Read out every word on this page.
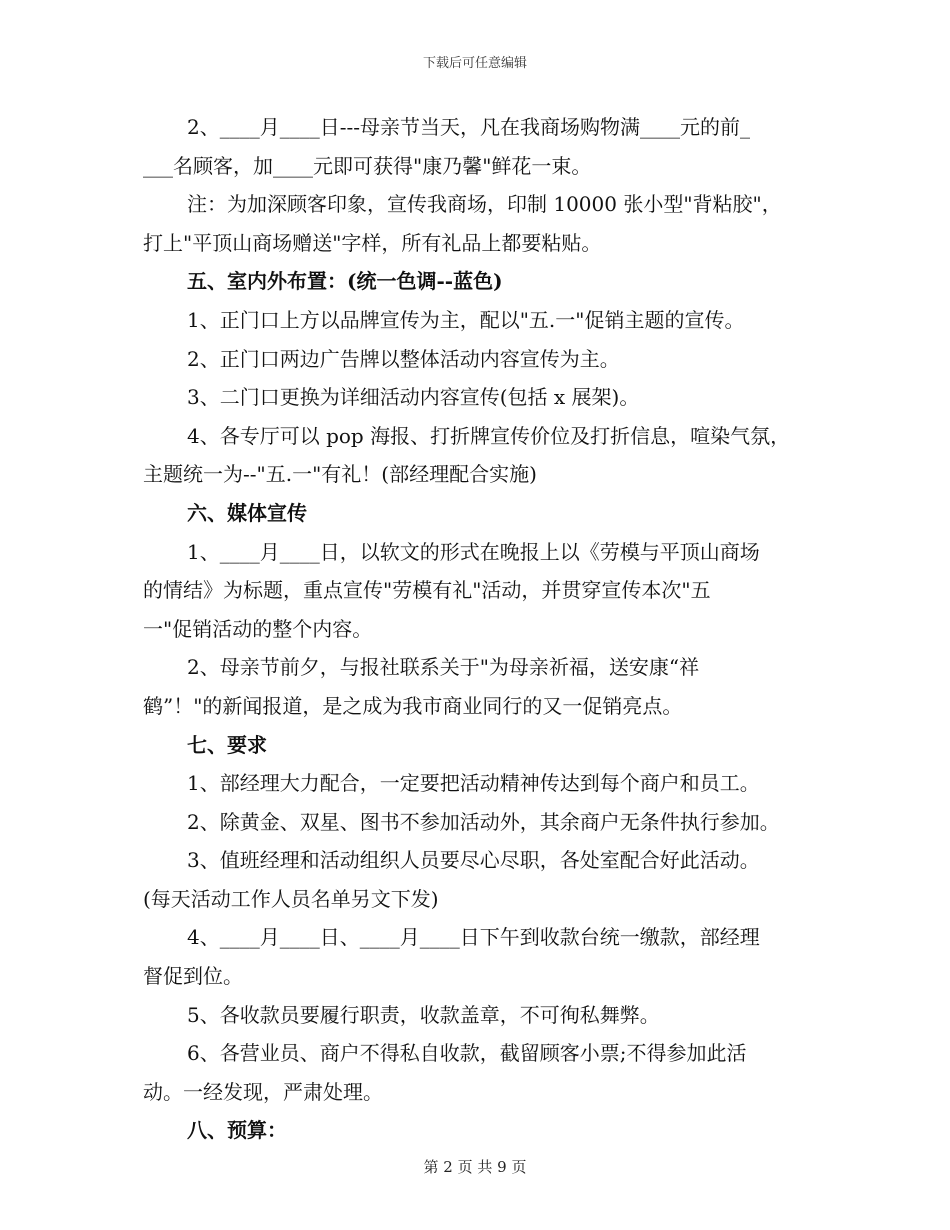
下载后可任意编辑
2、____月____日---母亲节当天，凡在我商场购物满____元的前_
___名顾客，加____元即可获得"康乃馨"鲜花一束。
注：为加深顾客印象，宣传我商场，印制 10000 张小型"背粘胶"，
打上"平顶山商场赠送"字样，所有礼品上都要粘贴。
五、室内外布置：(统一色调--蓝色)
1、正门口上方以品牌宣传为主，配以"五.一"促销主题的宣传。
2、正门口两边广告牌以整体活动内容宣传为主。
3、二门口更换为详细活动内容宣传(包括 x 展架)。
4、各专厅可以 pop 海报、打折牌宣传价位及打折信息，喧染气氛，
主题统一为--"五.一"有礼！(部经理配合实施)
六、媒体宣传
1、____月____日，以软文的形式在晚报上以《劳模与平顶山商场
的情结》为标题，重点宣传"劳模有礼"活动，并贯穿宣传本次"五
一"促销活动的整个内容。
2、母亲节前夕，与报社联系关于"为母亲祈福，送安康“祥
鹤”！"的新闻报道，是之成为我市商业同行的又一促销亮点。
七、要求
1、部经理大力配合，一定要把活动精神传达到每个商户和员工。
2、除黄金、双星、图书不参加活动外，其余商户无条件执行参加。
3、值班经理和活动组织人员要尽心尽职，各处室配合好此活动。
(每天活动工作人员名单另文下发)
4、____月____日、____月____日下午到收款台统一缴款，部经理
督促到位。
5、各收款员要履行职责，收款盖章，不可徇私舞弊。
6、各营业员、商户不得私自收款，截留顾客小票;不得参加此活
动。一经发现，严肃处理。
八、预算：
第 2 页 共 9 页
